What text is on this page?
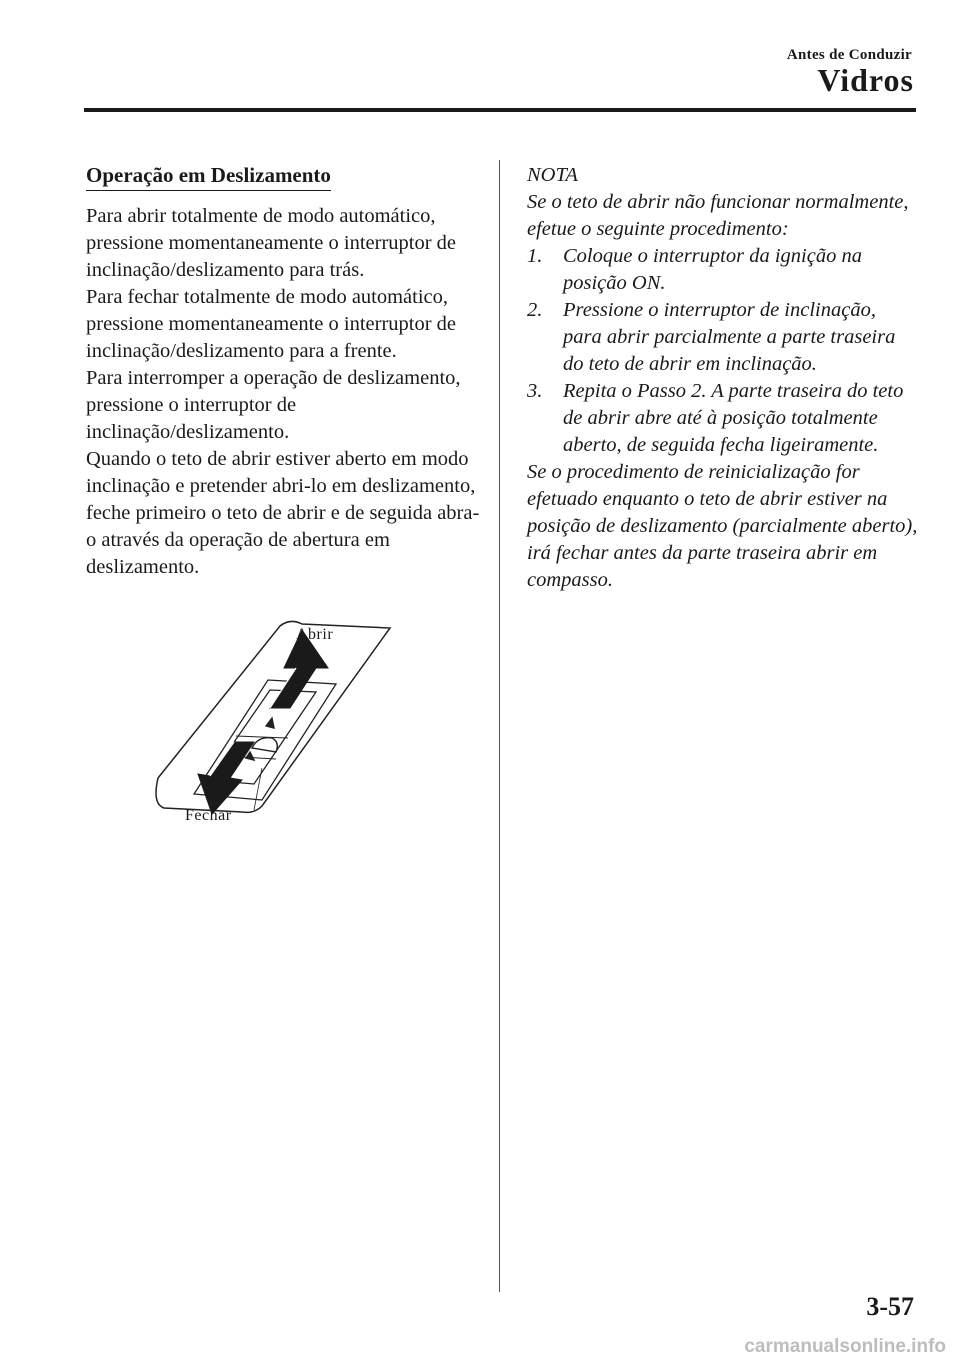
Antes de Conduzir
Vidros
Operação em Deslizamento

Para abrir totalmente de modo automático, pressione momentaneamente o interruptor de inclinação/deslizamento para trás.

Para fechar totalmente de modo automático, pressione momentaneamente o interruptor de inclinação/deslizamento para a frente.

Para interromper a operação de deslizamento, pressione o interruptor de inclinação/deslizamento.

Quando o teto de abrir estiver aberto em modo inclinação e pretender abri-lo em deslizamento, feche primeiro o teto de abrir e de seguida abra-o através da operação de abertura em deslizamento.

Abrir
Fechar

NOTA

Se o teto de abrir não funcionar normalmente, efetue o seguinte procedimento:

1. Coloque o interruptor da ignição na posição ON.
2. Pressione o interruptor de inclinação, para abrir parcialmente a parte traseira do teto de abrir em inclinação.
3. Repita o Passo 2. A parte traseira do teto de abrir abre até à posição totalmente aberto, de seguida fecha ligeiramente.

Se o procedimento de reinicialização for efetuado enquanto o teto de abrir estiver na posição de deslizamento (parcialmente aberto), irá fechar antes da parte traseira abrir em compasso.

3-57
carmanualsonline.info
